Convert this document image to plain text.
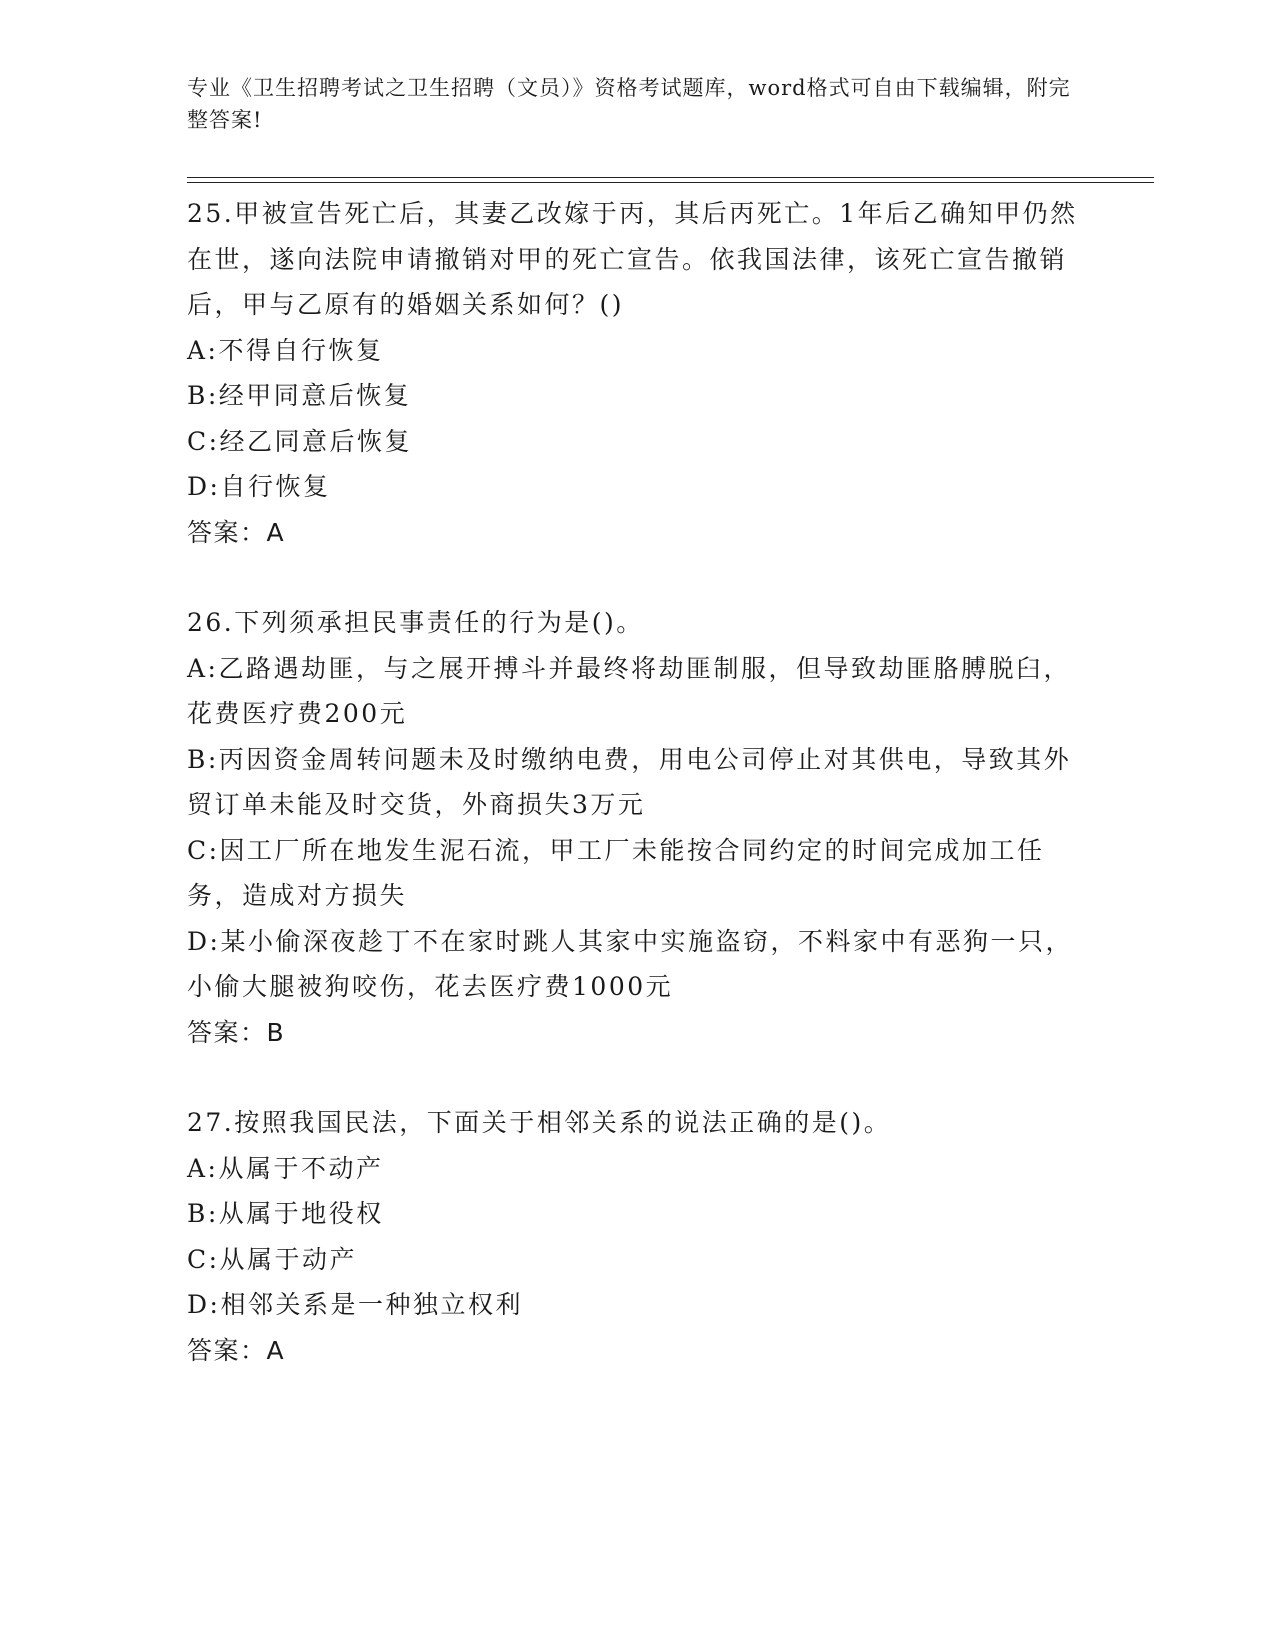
专业《卫生招聘考试之卫生招聘（文员）》资格考试题库，word格式可自由下载编辑，附完整答案!
25.甲被宣告死亡后，其妻乙改嫁于丙，其后丙死亡。1年后乙确知甲仍然在世，遂向法院申请撤销对甲的死亡宣告。依我国法律，该死亡宣告撤销后，甲与乙原有的婚姻关系如何？()
A:不得自行恢复
B:经甲同意后恢复
C:经乙同意后恢复
D:自行恢复
答案：A
26.下列须承担民事责任的行为是()。
A:乙路遇劫匪，与之展开搏斗并最终将劫匪制服，但导致劫匪胳膊脱臼，花费医疗费200元
B:丙因资金周转问题未及时缴纳电费，用电公司停止对其供电，导致其外贸订单未能及时交货，外商损失3万元
C:因工厂所在地发生泥石流，甲工厂未能按合同约定的时间完成加工任务，造成对方损失
D:某小偷深夜趁丁不在家时跳人其家中实施盗窃，不料家中有恶狗一只，小偷大腿被狗咬伤，花去医疗费1000元
答案：B
27.按照我国民法，下面关于相邻关系的说法正确的是()。
A:从属于不动产
B:从属于地役权
C:从属于动产
D:相邻关系是一种独立权利
答案：A
